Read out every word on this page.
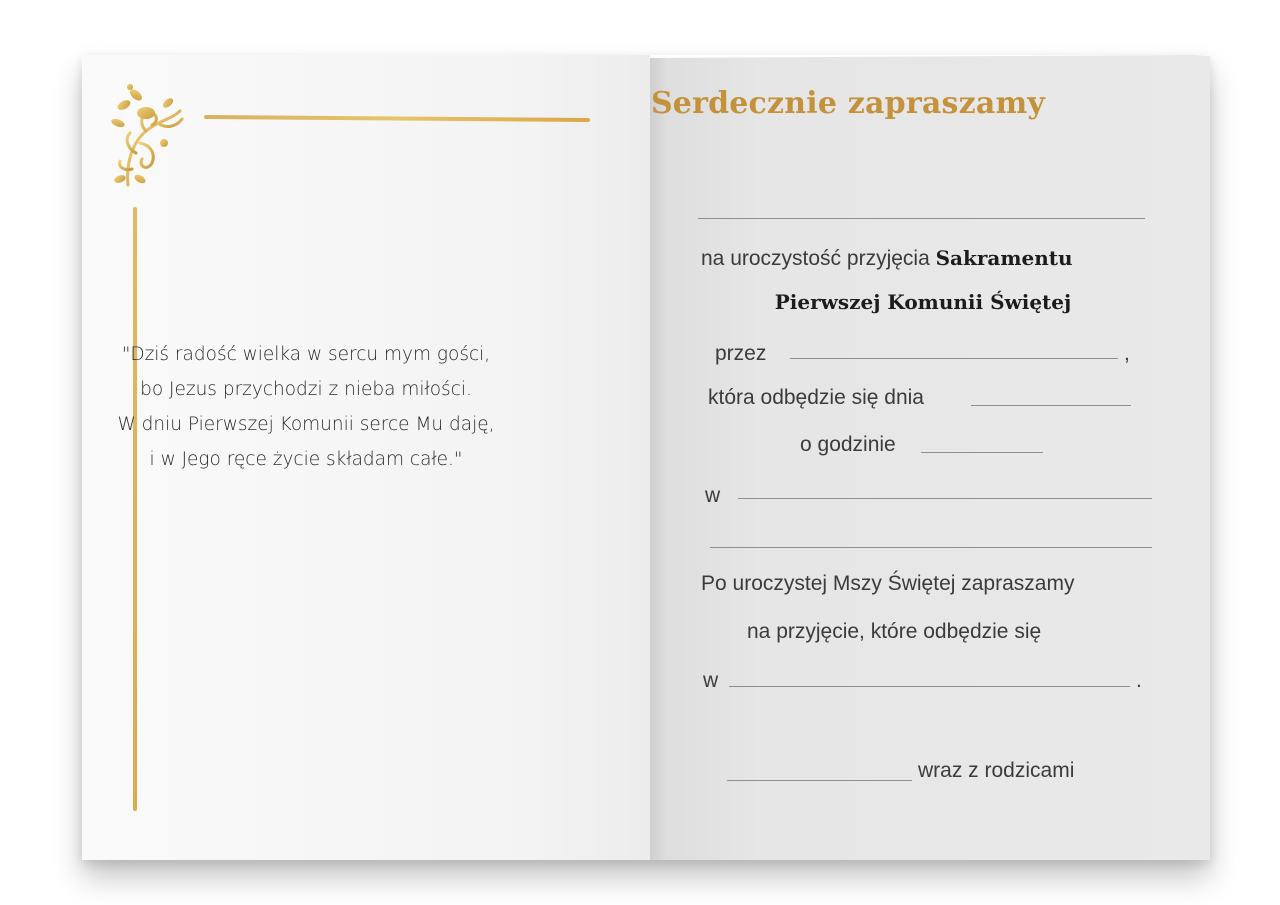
"Dziś radość wielka w sercu mym gości,
bo Jezus przychodzi z nieba miłości.
W dniu Pierwszej Komunii serce Mu daję,
i w Jego ręce życie składam całe."
Serdecznie zapraszamy
na uroczystość przyjęcia Sakramentu
Pierwszej Komunii Świętej
przez	,
która odbędzie się dnia
o godzinie
w
Po uroczystej Mszy Świętej zapraszamy
na przyjęcie, które odbędzie się
w	.
wraz z rodzicami
